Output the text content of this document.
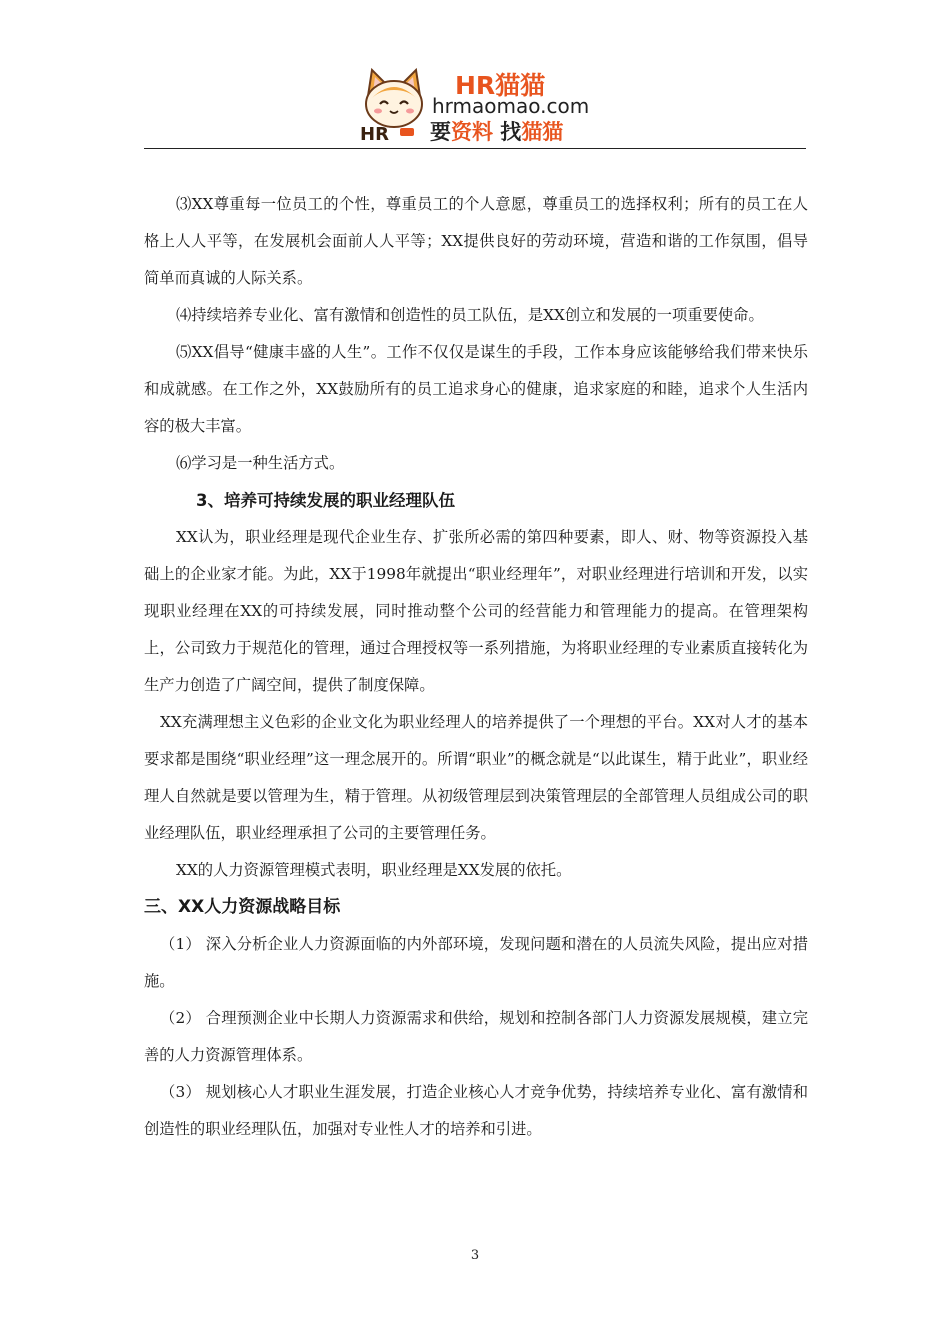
HR
HR猫猫
hrmaomao.com
要资料 找猫猫

⑶XX尊重每一位员工的个性，尊重员工的个人意愿，尊重员工的选择权利；所有的员工在人格上人人平等，在发展机会面前人人平等；XX提供良好的劳动环境，营造和谐的工作氛围，倡导简单而真诚的人际关系。

⑷持续培养专业化、富有激情和创造性的员工队伍，是XX创立和发展的一项重要使命。

⑸XX倡导“健康丰盛的人生”。工作不仅仅是谋生的手段，工作本身应该能够给我们带来快乐和成就感。在工作之外，XX鼓励所有的员工追求身心的健康，追求家庭的和睦，追求个人生活内容的极大丰富。

⑹学习是一种生活方式。

3、培养可持续发展的职业经理队伍

XX认为，职业经理是现代企业生存、扩张所必需的第四种要素，即人、财、物等资源投入基础上的企业家才能。为此，XX于1998年就提出“职业经理年”，对职业经理进行培训和开发，以实现职业经理在XX的可持续发展，同时推动整个公司的经营能力和管理能力的提高。在管理架构上，公司致力于规范化的管理，通过合理授权等一系列措施，为将职业经理的专业素质直接转化为生产力创造了广阔空间，提供了制度保障。

XX充满理想主义色彩的企业文化为职业经理人的培养提供了一个理想的平台。XX对人才的基本要求都是围绕“职业经理”这一理念展开的。所谓“职业”的概念就是“以此谋生，精于此业”，职业经理人自然就是要以管理为生，精于管理。从初级管理层到决策管理层的全部管理人员组成公司的职业经理队伍，职业经理承担了公司的主要管理任务。

XX的人力资源管理模式表明，职业经理是XX发展的依托。

三、XX人力资源战略目标

（1） 深入分析企业人力资源面临的内外部环境，发现问题和潜在的人员流失风险，提出应对措施。

（2） 合理预测企业中长期人力资源需求和供给，规划和控制各部门人力资源发展规模，建立完善的人力资源管理体系。

（3） 规划核心人才职业生涯发展，打造企业核心人才竞争优势，持续培养专业化、富有激情和创造性的职业经理队伍，加强对专业性人才的培养和引进。

3
